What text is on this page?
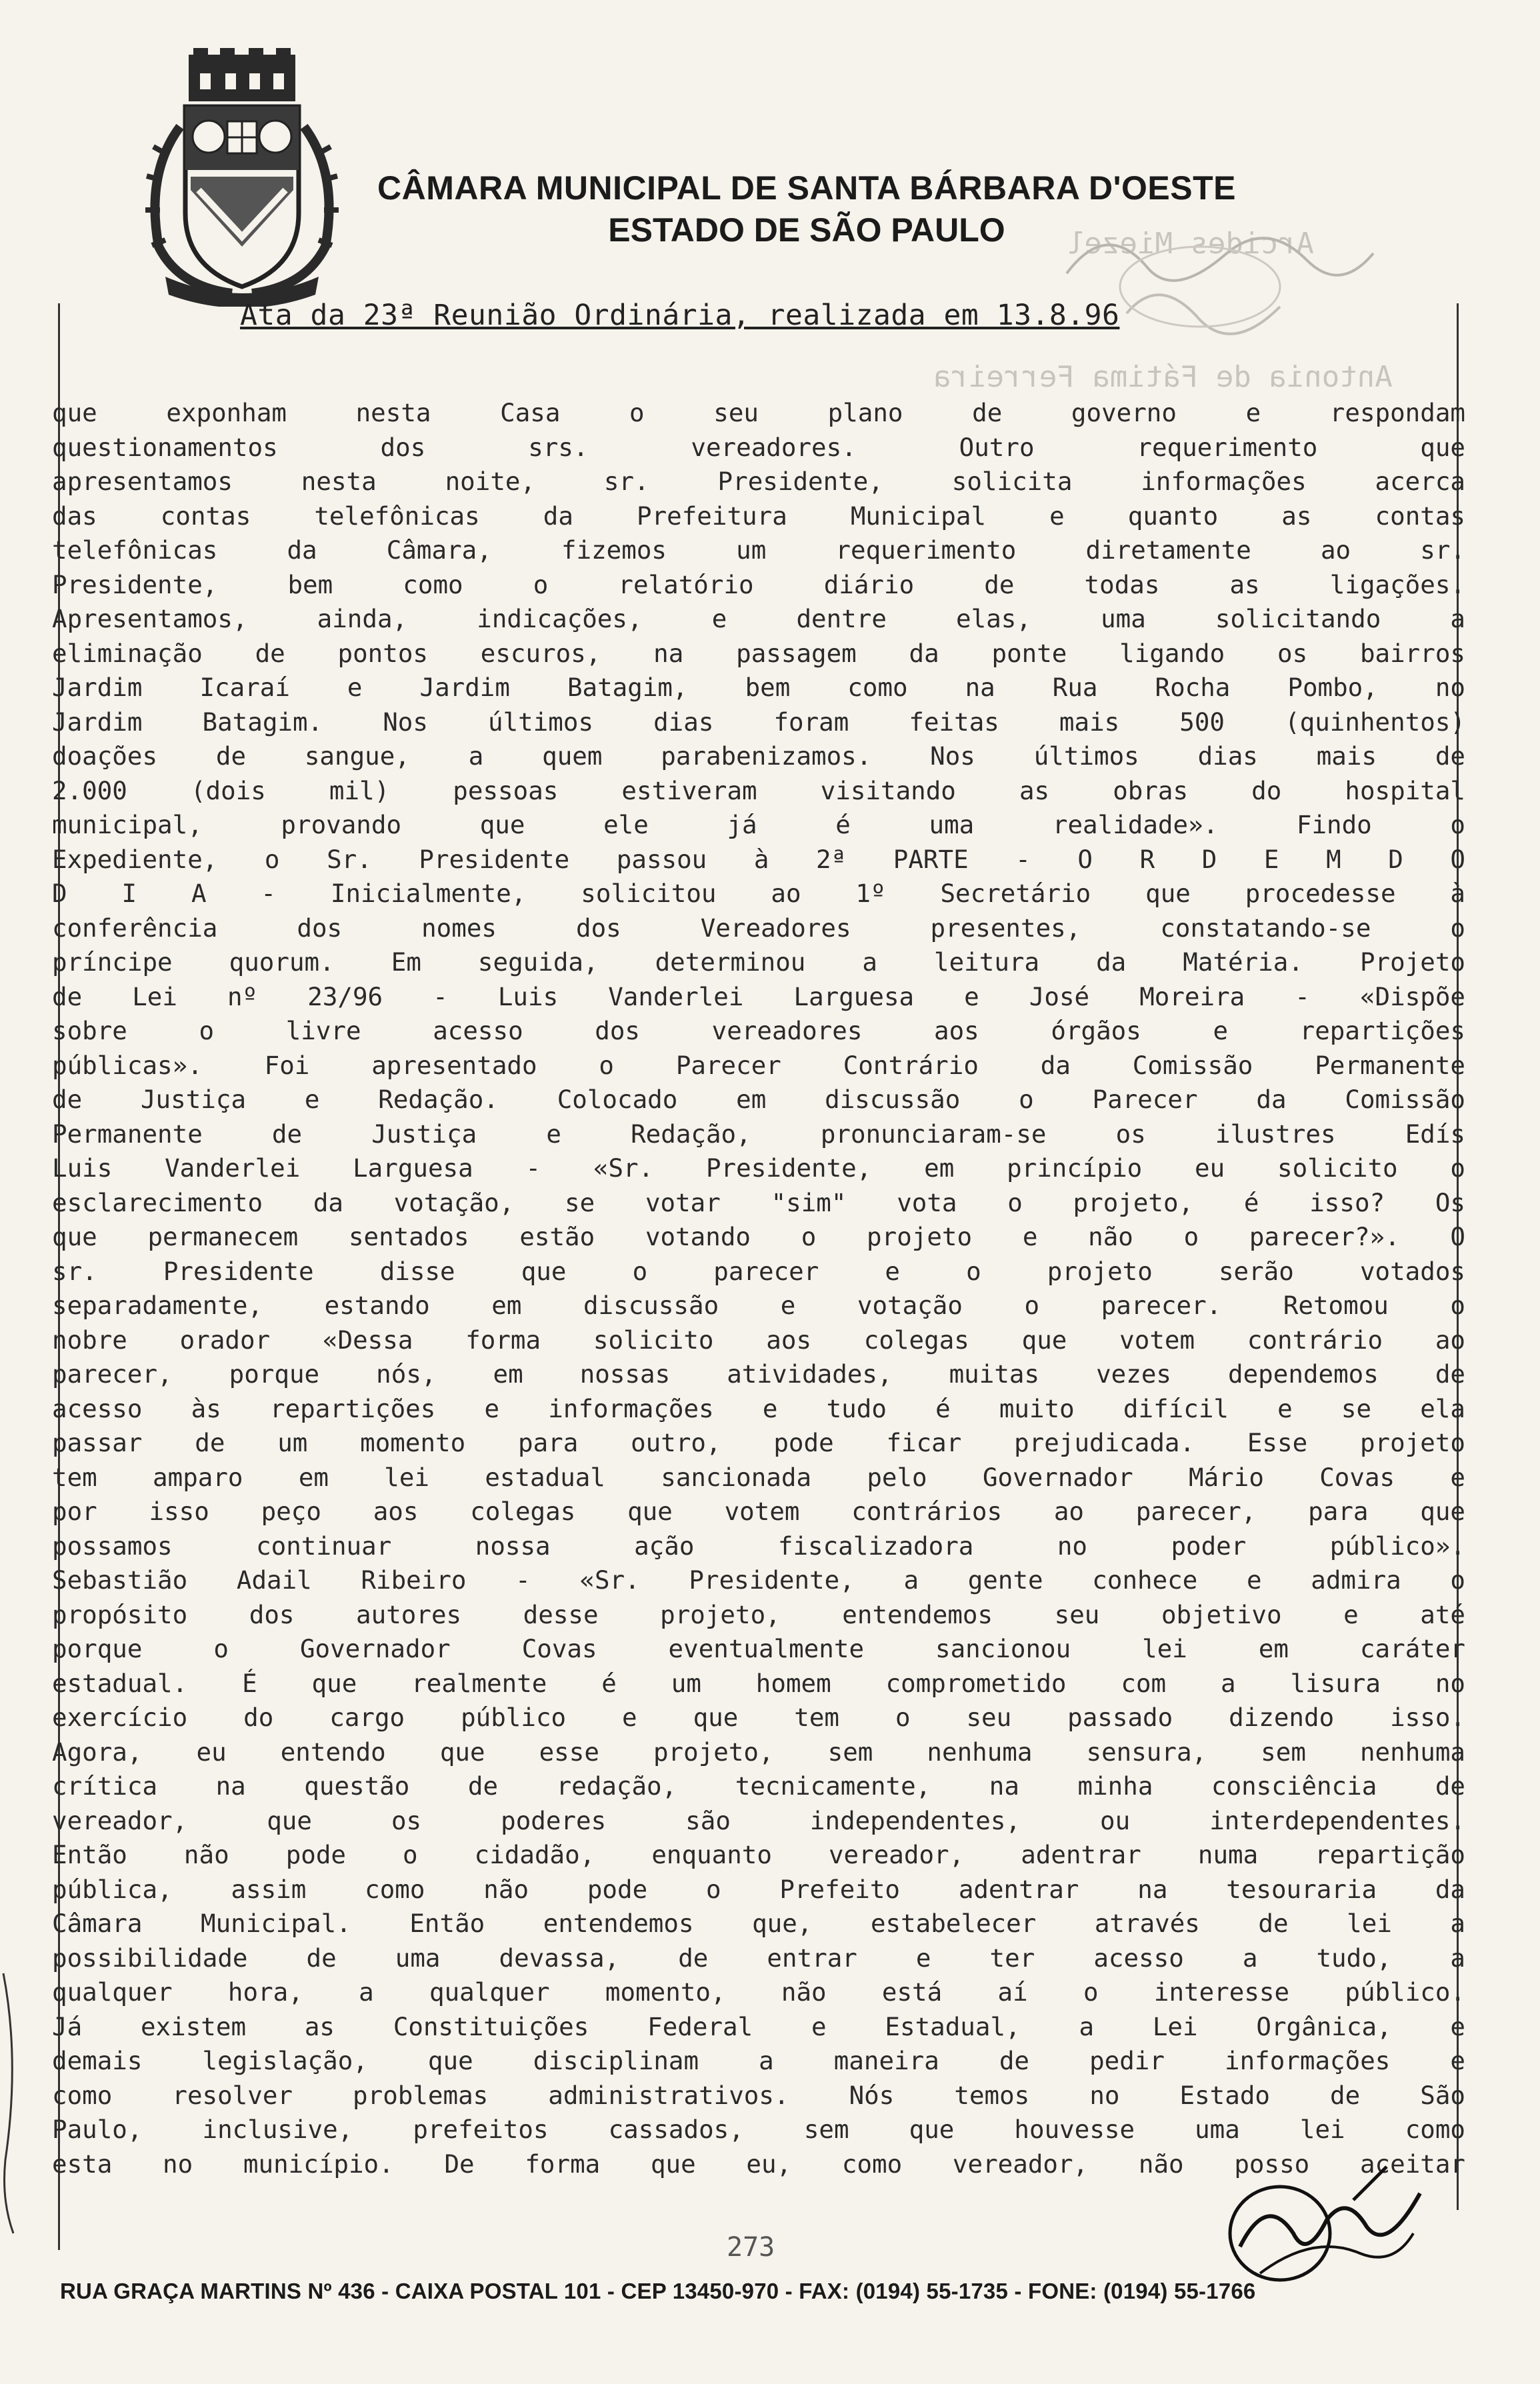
Arcides Miezel
Antonia de Fátima Ferreira
CÂMARA MUNICIPAL DE SANTA BÁRBARA D'OESTE
ESTADO DE SÃO PAULO
Ata da 23ª Reunião Ordinária, realizada em 13.8.96
que exponham nesta Casa o seu plano de governo e respondam
questionamentos dos srs. vereadores. Outro requerimento que
apresentamos nesta noite, sr. Presidente, solicita informações acerca
das contas telefônicas da Prefeitura Municipal e quanto as contas
telefônicas da Câmara, fizemos um requerimento diretamente ao sr.
Presidente, bem como o relatório diário de todas as ligações.
Apresentamos, ainda, indicações, e dentre elas, uma solicitando a
eliminação de pontos escuros, na passagem da ponte ligando os bairros
Jardim Icaraí e Jardim Batagim, bem como na Rua Rocha Pombo, no
Jardim Batagim. Nos últimos dias foram feitas mais 500 (quinhentos)
doações de sangue, a quem parabenizamos. Nos últimos dias mais de
2.000 (dois mil) pessoas estiveram visitando as obras do hospital
municipal, provando que ele já é uma realidade». Findo o
Expediente, o Sr. Presidente passou à 2ª PARTE - O R D E M D O
D I A - Inicialmente, solicitou ao 1º Secretário que procedesse à
conferência dos nomes dos Vereadores presentes, constatando-se o
príncipe quorum. Em seguida, determinou a leitura da Matéria. Projeto
de Lei nº 23/96 - Luis Vanderlei Larguesa e José Moreira - «Dispõe
sobre o livre acesso dos vereadores aos órgãos e repartições
públicas». Foi apresentado o Parecer Contrário da Comissão Permanente
de Justiça e Redação. Colocado em discussão o Parecer da Comissão
Permanente de Justiça e Redação, pronunciaram-se os ilustres Edís
Luis Vanderlei Larguesa - «Sr. Presidente, em princípio eu solicito o
esclarecimento da votação, se votar "sim" vota o projeto, é isso? Os
que permanecem sentados estão votando o projeto e não o parecer?». O
sr. Presidente disse que o parecer e o projeto serão votados
separadamente, estando em discussão e votação o parecer. Retomou o
nobre orador «Dessa forma solicito aos colegas que votem contrário ao
parecer, porque nós, em nossas atividades, muitas vezes dependemos de
acesso às repartições e informações e tudo é muito difícil e se ela
passar de um momento para outro, pode ficar prejudicada. Esse projeto
tem amparo em lei estadual sancionada pelo Governador Mário Covas e
por isso peço aos colegas que votem contrários ao parecer, para que
possamos continuar nossa ação fiscalizadora no poder público».
Sebastião Adail Ribeiro - «Sr. Presidente, a gente conhece e admira o
propósito dos autores desse projeto, entendemos seu objetivo e até
porque o Governador Covas eventualmente sancionou lei em caráter
estadual. É que realmente é um homem comprometido com a lisura no
exercício do cargo público e que tem o seu passado dizendo isso.
Agora, eu entendo que esse projeto, sem nenhuma sensura, sem nenhuma
crítica na questão de redação, tecnicamente, na minha consciência de
vereador, que os poderes são independentes, ou interdependentes.
Então não pode o cidadão, enquanto vereador, adentrar numa repartição
pública, assim como não pode o Prefeito adentrar na tesouraria da
Câmara Municipal. Então entendemos que, estabelecer através de lei a
possibilidade de uma devassa, de entrar e ter acesso a tudo, a
qualquer hora, a qualquer momento, não está aí o interesse público.
Já existem as Constituições Federal e Estadual, a Lei Orgânica, e
demais legislação, que disciplinam a maneira de pedir informações e
como resolver problemas administrativos. Nós temos no Estado de São
Paulo, inclusive, prefeitos cassados, sem que houvesse uma lei como
esta no município. De forma que eu, como vereador, não posso aceitar
273
RUA GRAÇA MARTINS Nº 436 - CAIXA POSTAL 101 - CEP 13450-970 - FAX: (0194) 55-1735 - FONE: (0194) 55-1766
